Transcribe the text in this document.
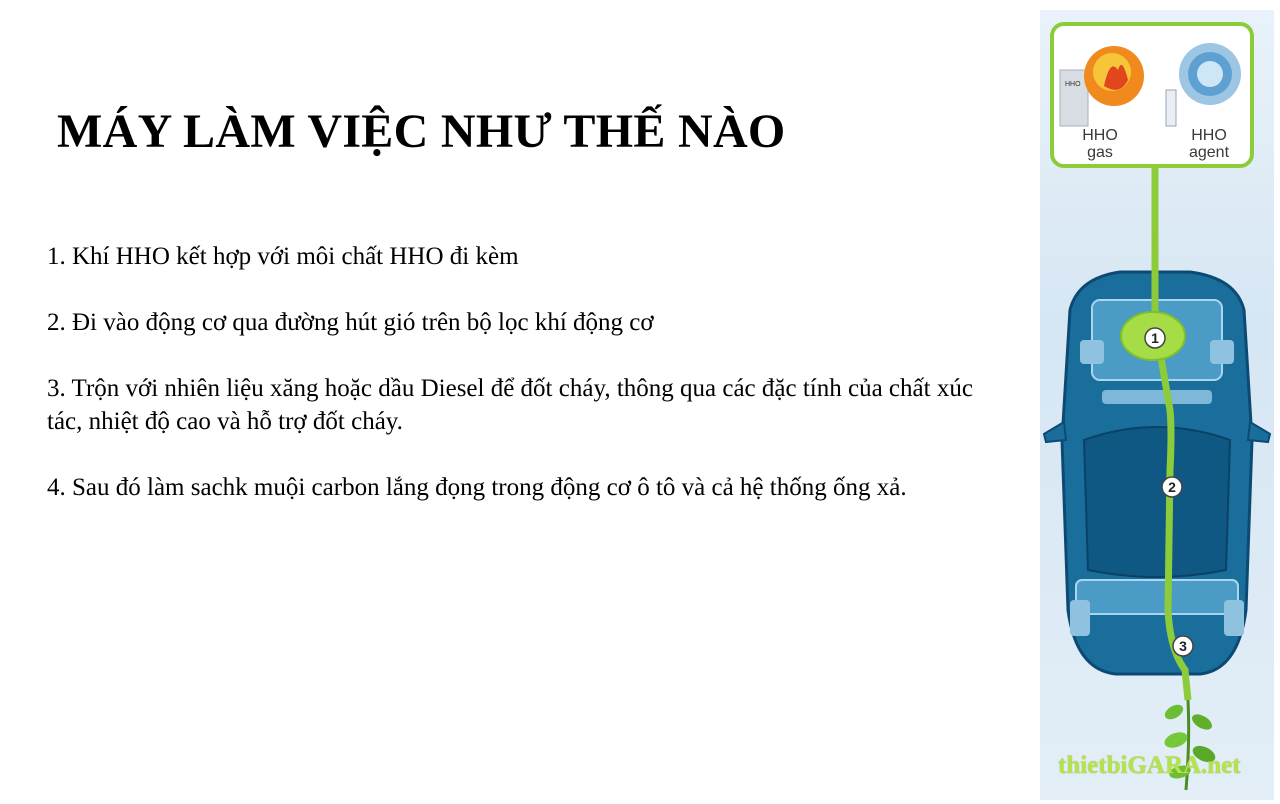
MÁY LÀM VIỆC NHƯ THẾ NÀO

1. Khí HHO kết hợp với môi chất HHO đi kèm

2. Đi vào động cơ qua đường hút gió trên bộ lọc khí động cơ

3. Trộn với nhiên liệu xăng hoặc dầu Diesel để đốt cháy, thông qua các đặc tính của chất xúc tác, nhiệt độ cao và hỗ trợ đốt cháy.

4. Sau đó làm sachk muội carbon lắng đọng trong động cơ ô tô và cả hệ thống ống xả.

HHO
HHO
gas
HHO
agent
1
2
3
thietbiGARA.net
